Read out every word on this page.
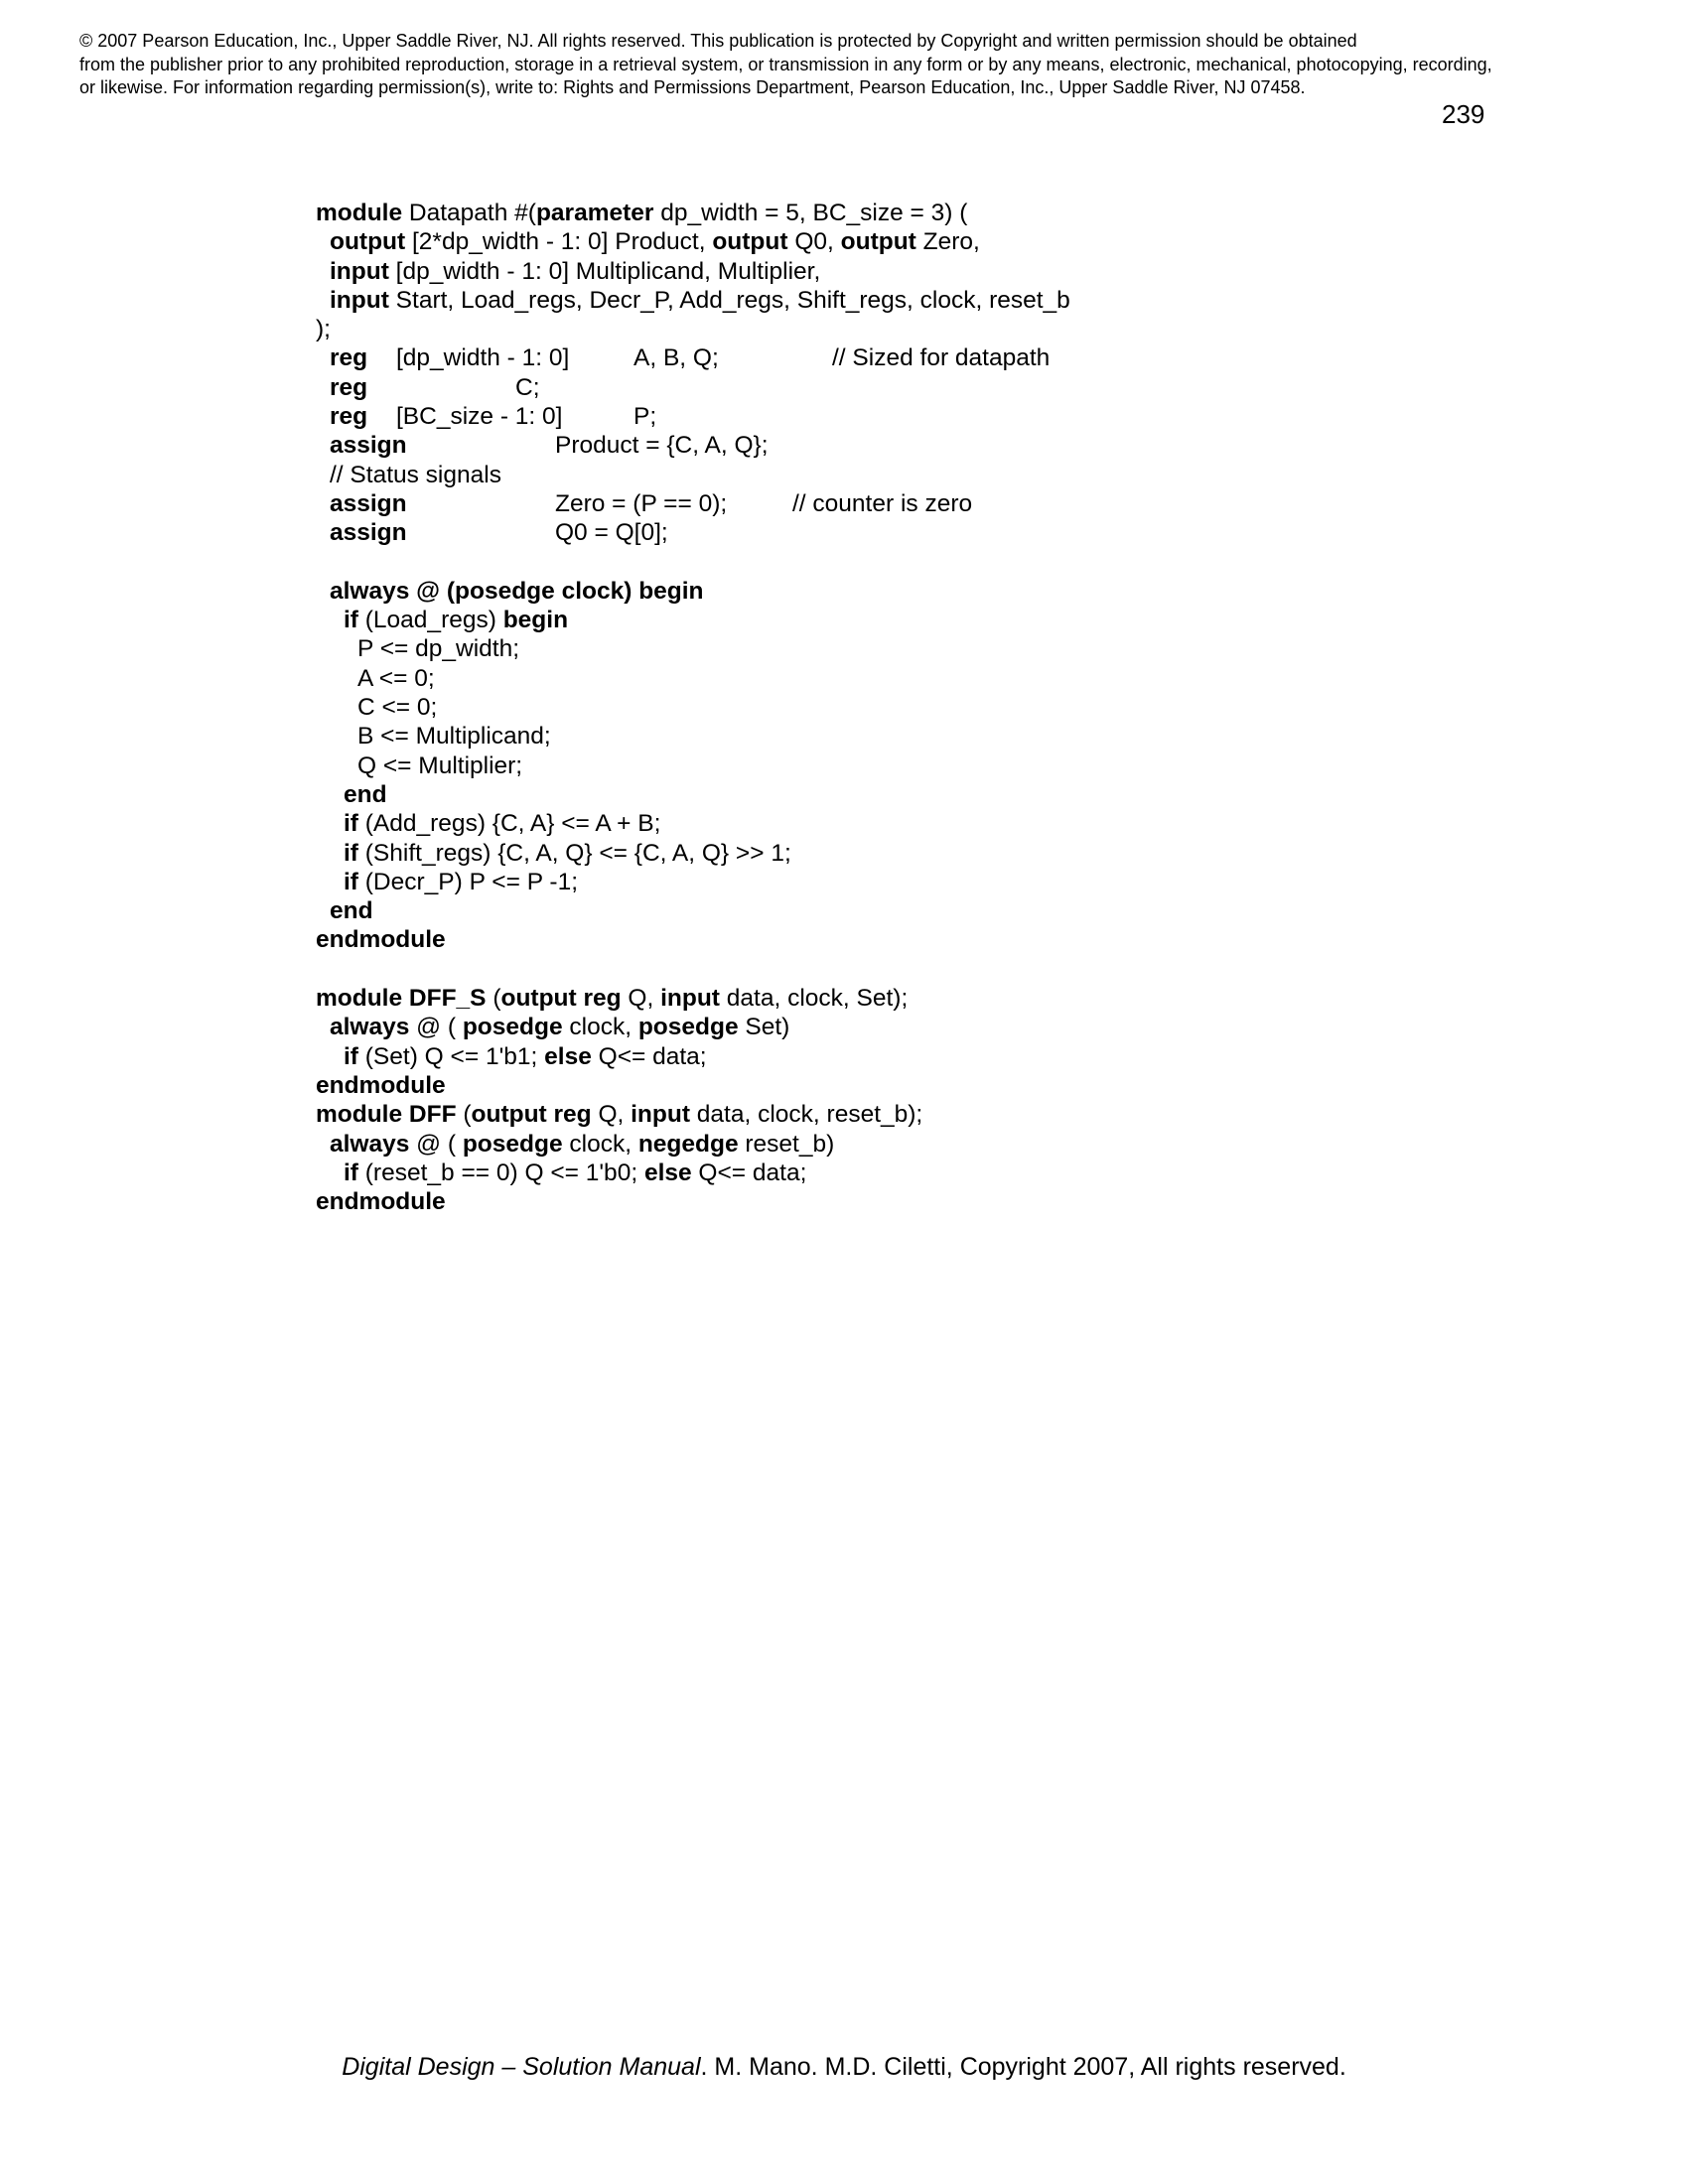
© 2007 Pearson Education, Inc., Upper Saddle River, NJ. All rights reserved. This publication is protected by Copyright and written permission should be obtained
from the publisher prior to any prohibited reproduction, storage in a retrieval system, or transmission in any form or by any means, electronic, mechanical, photocopying, recording,
or likewise. For information regarding permission(s), write to: Rights and Permissions Department, Pearson Education, Inc., Upper Saddle River, NJ 07458.
239
module Datapath #(parameter dp_width = 5, BC_size = 3) (
output [2*dp_width - 1: 0] Product, output Q0, output Zero,
input [dp_width - 1: 0] Multiplicand, Multiplier,
input Start, Load_regs, Decr_P, Add_regs, Shift_regs, clock, reset_b
);
reg [dp_width - 1: 0]	A, B, Q;	// Sized for datapath
reg	C;
reg [BC_size - 1: 0]	P;
assign	Product = {C, A, Q};
// Status signals
assign	Zero = (P == 0);	// counter is zero
assign	Q0 = Q[0];
always @ (posedge clock) begin
if (Load_regs) begin
P <= dp_width;
A <= 0;
C <= 0;
B <= Multiplicand;
Q <= Multiplier;
end
if (Add_regs) {C, A} <= A + B;
if (Shift_regs) {C, A, Q} <= {C, A, Q} >> 1;
if (Decr_P) P <= P -1;
end
endmodule
module DFF_S (output reg Q, input data, clock, Set);
always @ ( posedge clock, posedge Set)
if (Set) Q <= 1'b1; else Q<= data;
endmodule
module DFF (output reg Q, input data, clock, reset_b);
always @ ( posedge clock, negedge reset_b)
if (reset_b == 0) Q <= 1'b0; else Q<= data;
endmodule
Digital Design – Solution Manual. M. Mano. M.D. Ciletti, Copyright 2007, All rights reserved.
